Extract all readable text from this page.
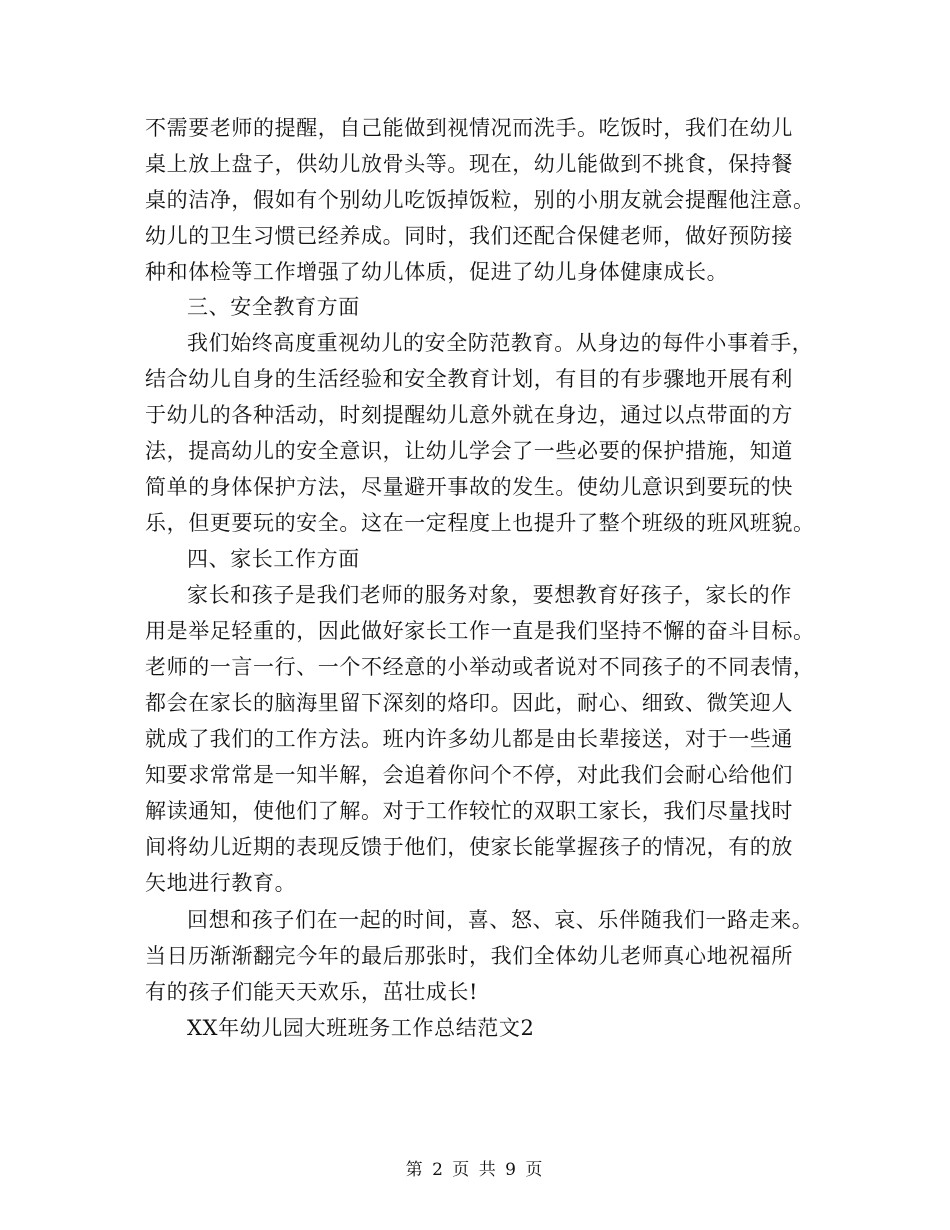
不需要老师的提醒，自己能做到视情况而洗手。吃饭时，我们在幼儿
桌上放上盘子，供幼儿放骨头等。现在，幼儿能做到不挑食，保持餐
桌的洁净，假如有个别幼儿吃饭掉饭粒，别的小朋友就会提醒他注意。
幼儿的卫生习惯已经养成。同时，我们还配合保健老师，做好预防接
种和体检等工作增强了幼儿体质，促进了幼儿身体健康成长。
三、安全教育方面
我们始终高度重视幼儿的安全防范教育。从身边的每件小事着手，
结合幼儿自身的生活经验和安全教育计划，有目的有步骤地开展有利
于幼儿的各种活动，时刻提醒幼儿意外就在身边，通过以点带面的方
法，提高幼儿的安全意识，让幼儿学会了一些必要的保护措施，知道
简单的身体保护方法，尽量避开事故的发生。使幼儿意识到要玩的快
乐，但更要玩的安全。这在一定程度上也提升了整个班级的班风班貌。
四、家长工作方面
家长和孩子是我们老师的服务对象，要想教育好孩子，家长的作
用是举足轻重的，因此做好家长工作一直是我们坚持不懈的奋斗目标。
老师的一言一行、一个不经意的小举动或者说对不同孩子的不同表情，
都会在家长的脑海里留下深刻的烙印。因此，耐心、细致、微笑迎人
就成了我们的工作方法。班内许多幼儿都是由长辈接送，对于一些通
知要求常常是一知半解，会追着你问个不停，对此我们会耐心给他们
解读通知，使他们了解。对于工作较忙的双职工家长，我们尽量找时
间将幼儿近期的表现反馈于他们，使家长能掌握孩子的情况，有的放
矢地进行教育。
回想和孩子们在一起的时间，喜、怒、哀、乐伴随我们一路走来。
当日历渐渐翻完今年的最后那张时，我们全体幼儿老师真心地祝福所
有的孩子们能天天欢乐，茁壮成长!
XX年幼儿园大班班务工作总结范文2
第 2 页 共 9 页
